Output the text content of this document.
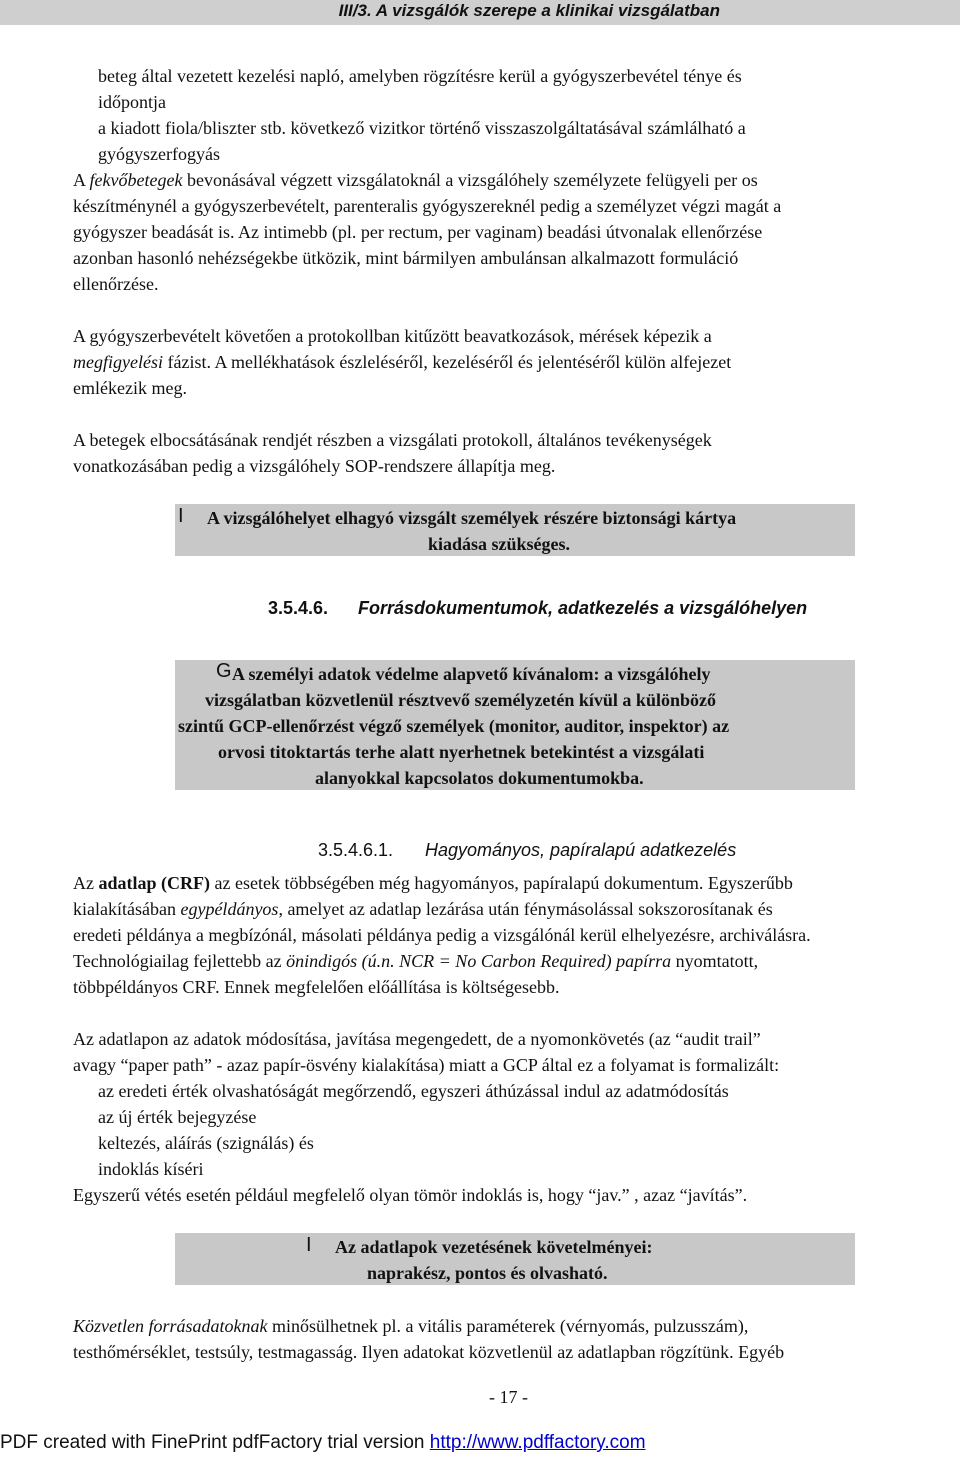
III/3. A vizsgálók szerepe a klinikai vizsgálatban
beteg által vezetett kezelési napló, amelyben rögzítésre kerül a gyógyszerbevétel ténye és
időpontja
a kiadott fiola/bliszter stb. következő vizitkor történő visszaszolgáltatásával számlálható a
gyógyszerfogyás
A fekvőbetegek bevonásával végzett vizsgálatoknál a vizsgálóhely személyzete felügyeli per os
készítménynél a gyógyszerbevételt, parenteralis gyógyszereknél pedig a személyzet végzi magát a
gyógyszer beadását is. Az intimebb (pl. per rectum, per vaginam) beadási útvonalak ellenőrzése
azonban hasonló nehézségekbe ütközik, mint bármilyen ambulánsan alkalmazott formuláció
ellenőrzése.
A gyógyszerbevételt követően a protokollban kitűzött beavatkozások, mérések képezik a
megfigyelési fázist. A mellékhatások észleléséről, kezeléséről és jelentéséről külön alfejezet
emlékezik meg.
A betegek elbocsátásának rendjét részben a vizsgálati protokoll, általános tevékenységek
vonatkozásában pedig a vizsgálóhely SOP-rendszere állapítja meg.
I A vizsgálóhelyet elhagyó vizsgált személyek részére biztonsági kártya
kiadása szükséges.
3.5.4.6. Forrásdokumentumok, adatkezelés a vizsgálóhelyen
G A személyi adatok védelme alapvető kívánalom: a vizsgálóhely
vizsgálatban közvetlenül résztvevő személyzetén kívül a különböző
szintű GCP-ellenőrzést végző személyek (monitor, auditor, inspektor) az
orvosi titoktartás terhe alatt nyerhetnek betekintést a vizsgálati
alanyokkal kapcsolatos dokumentumokba.
3.5.4.6.1. Hagyományos, papíralapú adatkezelés
Az adatlap (CRF) az esetek többségében még hagyományos, papíralapú dokumentum. Egyszerűbb
kialakításában egypéldányos, amelyet az adatlap lezárása után fénymásolással sokszorosítanak és
eredeti példánya a megbízónál, másolati példánya pedig a vizsgálónál kerül elhelyezésre, archiválásra.
Technológiailag fejlettebb az önindigós (ú.n. NCR = No Carbon Required) papírra nyomtatott,
többpéldányos CRF. Ennek megfelelően előállítása is költségesebb.
Az adatlapon az adatok módosítása, javítása megengedett, de a nyomonkövetés (az “audit trail”
avagy “paper path” - azaz papír-ösvény kialakítása) miatt a GCP által ez a folyamat is formalizált:
az eredeti érték olvashatóságát megőrzendő, egyszeri áthúzással indul az adatmódosítás
az új érték bejegyzése
keltezés, aláírás (szignálás) és
indoklás kíséri
Egyszerű vétés esetén például megfelelő olyan tömör indoklás is, hogy “jav.” , azaz “javítás”.
I Az adatlapok vezetésének követelményei:
naprakész, pontos és olvasható.
Közvetlen forrásadatoknak minősülhetnek pl. a vitális paraméterek (vérnyomás, pulzusszám),
testhőmérséklet, testsúly, testmagasság. Ilyen adatokat közvetlenül az adatlapban rögzítünk. Egyéb
- 17 -
PDF created with FinePrint pdfFactory trial version http://www.pdffactory.com
